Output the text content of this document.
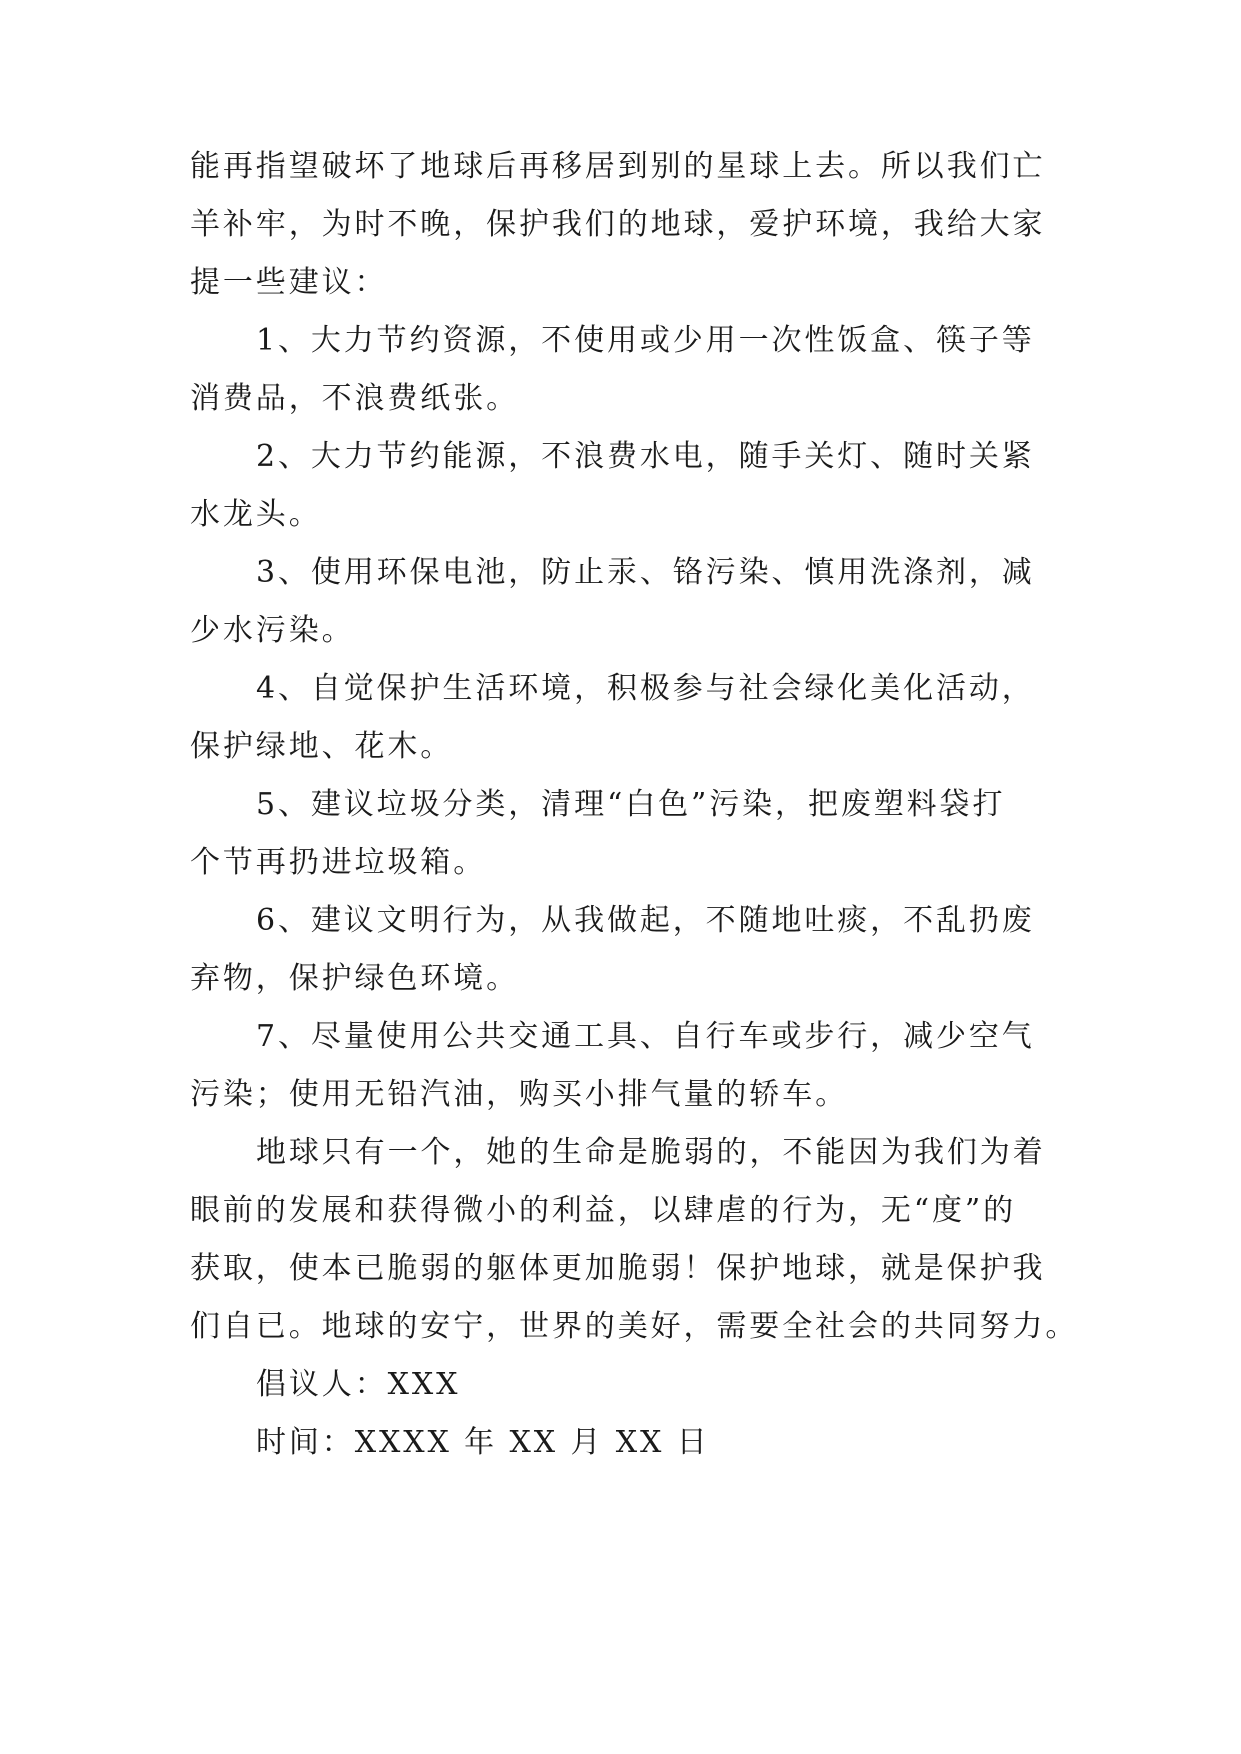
能再指望破坏了地球后再移居到别的星球上去。所以我们亡
羊补牢，为时不晚，保护我们的地球，爱护环境，我给大家
提一些建议：
1、大力节约资源，不使用或少用一次性饭盒、筷子等
消费品，不浪费纸张。
2、大力节约能源，不浪费水电，随手关灯、随时关紧
水龙头。
3、使用环保电池，防止汞、铬污染、慎用洗涤剂，减
少水污染。
4、自觉保护生活环境，积极参与社会绿化美化活动，
保护绿地、花木。
5、建议垃圾分类，清理“白色”污染，把废塑料袋打
个节再扔进垃圾箱。
6、建议文明行为，从我做起，不随地吐痰，不乱扔废
弃物，保护绿色环境。
7、尽量使用公共交通工具、自行车或步行，减少空气
污染；使用无铅汽油，购买小排气量的轿车。
地球只有一个，她的生命是脆弱的，不能因为我们为着
眼前的发展和获得微小的利益，以肆虐的行为，无“度”的
获取，使本已脆弱的躯体更加脆弱！保护地球，就是保护我
们自已。地球的安宁，世界的美好，需要全社会的共同努力。
倡议人：XXX
时间：XXXX 年 XX 月 XX 日
